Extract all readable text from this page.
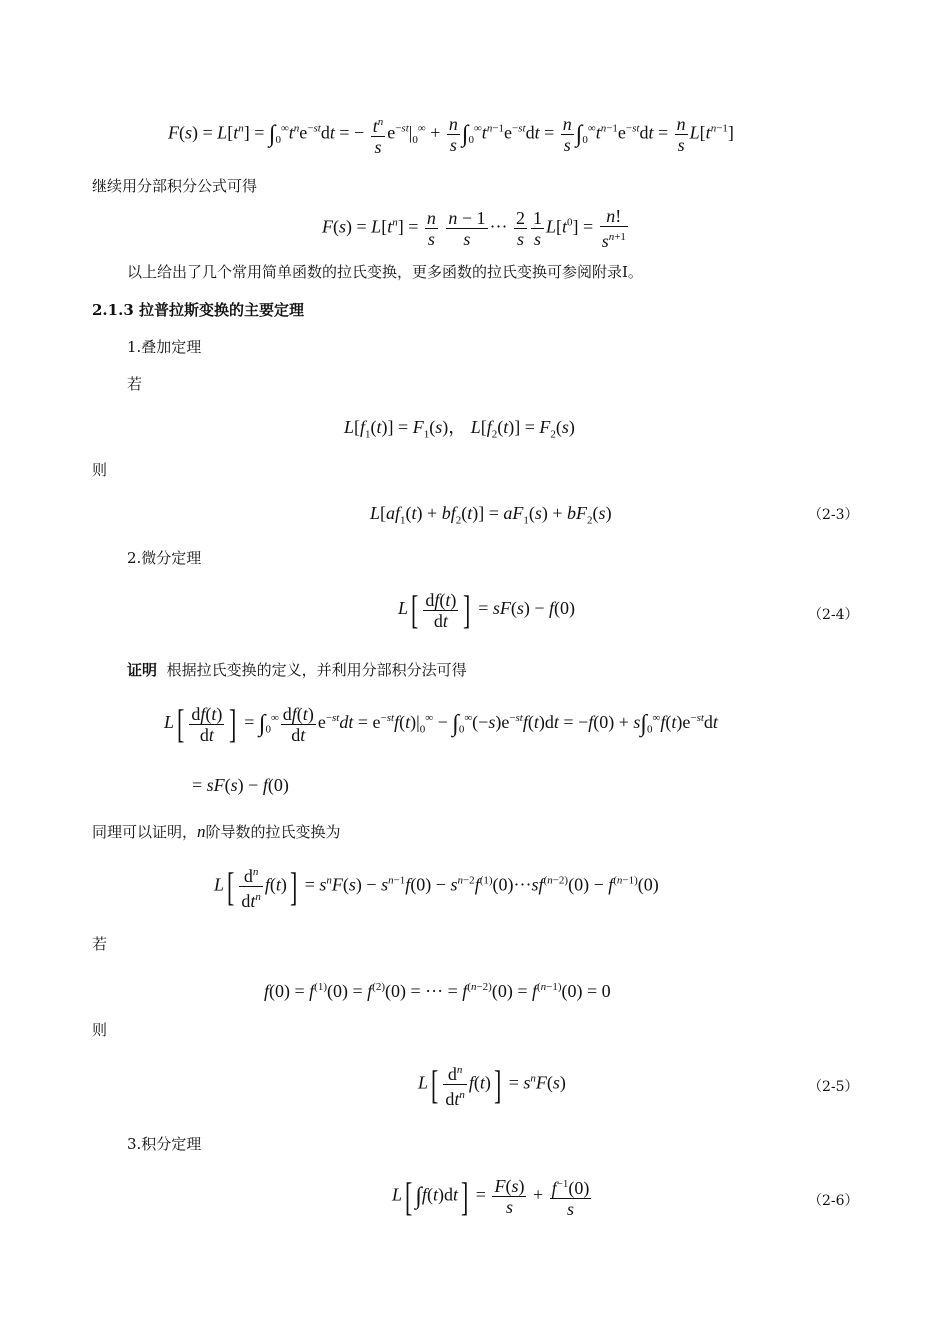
$F(s) = L[t^n] = \int_0^\infty t^ne^{-st}dt$ = − $\frac{t^n}{s} e^{-st}|_0^\infty + \frac{n}{s} \int_0^\infty t^{n-1}e^{-st}dt = \frac{n}{s} \int_0^\infty t^{n-1}e^{-st}dt = \frac{n}{s} L[t^{n-1}]$
继续用分部积分公式可得
$F(s) = L[t^n] = \frac{n}{s}$
$\frac{n - 1}{s}$ ··· $\frac{2}{s} \frac{1}{s} L[t^0] = \frac{n!}{s^{n+1}}$
以上给出了几个常用简单函数的拉氏变换，更多函数的拉氏变换可参阅附录Ⅰ。
2.1.3 拉普拉斯变换的主要定理
1.叠加定理
若
$L[f_1(t)] = F_1(s)$， $L[f_2(t)] = F_2(s)$
则
$L[af_1(t) + bf_2(t)] = aF_1(s) + bF_2(s)$	（2-3）
2.微分定理
$L[ \frac{df(t)}{dt}$ ] = sF(s) − f(0)	（2-4）
证明 根据拉氏变换的定义，并利用分部积分法可得
$L[ \frac{df(t)}{dt}$ ] = $\int_0^\infty \frac{df(t)}{dt} e^{-st}dt = e^{-st}f(t)|_0^\infty - \int_0^\infty(-s)e^{-st}f(t)dt = -f(0) + s\int_0^\infty f(t)e^{-st}dt$
= sF(s) − f(0)
同理可以证明，n阶导数的拉氏变换为
L[ $d^n$
$dt^n$
$f(t)] = s^nF(s) - s^{n-1}f(0) - s^{n-2}f^{(1)}(0)\cdot\cdot\cdot sf^{(n-2)}(0) - f^{(n-1)}(0)$
若
$f(0) = f^{(1)}(0) = f^{(2)}(0)$ = ··· = $f^{(n-2)}(0) = f^{(n-1)}(0) = 0$
则
L[ $d^n$
$dt^n$
$f(t)] = s^nF(s)$	（2-5）
3.积分定理
L[ $\int f(t)dt] = \frac{F(s)}{s} + \frac{f^{-1}(0)}{s}$	（2-6）
